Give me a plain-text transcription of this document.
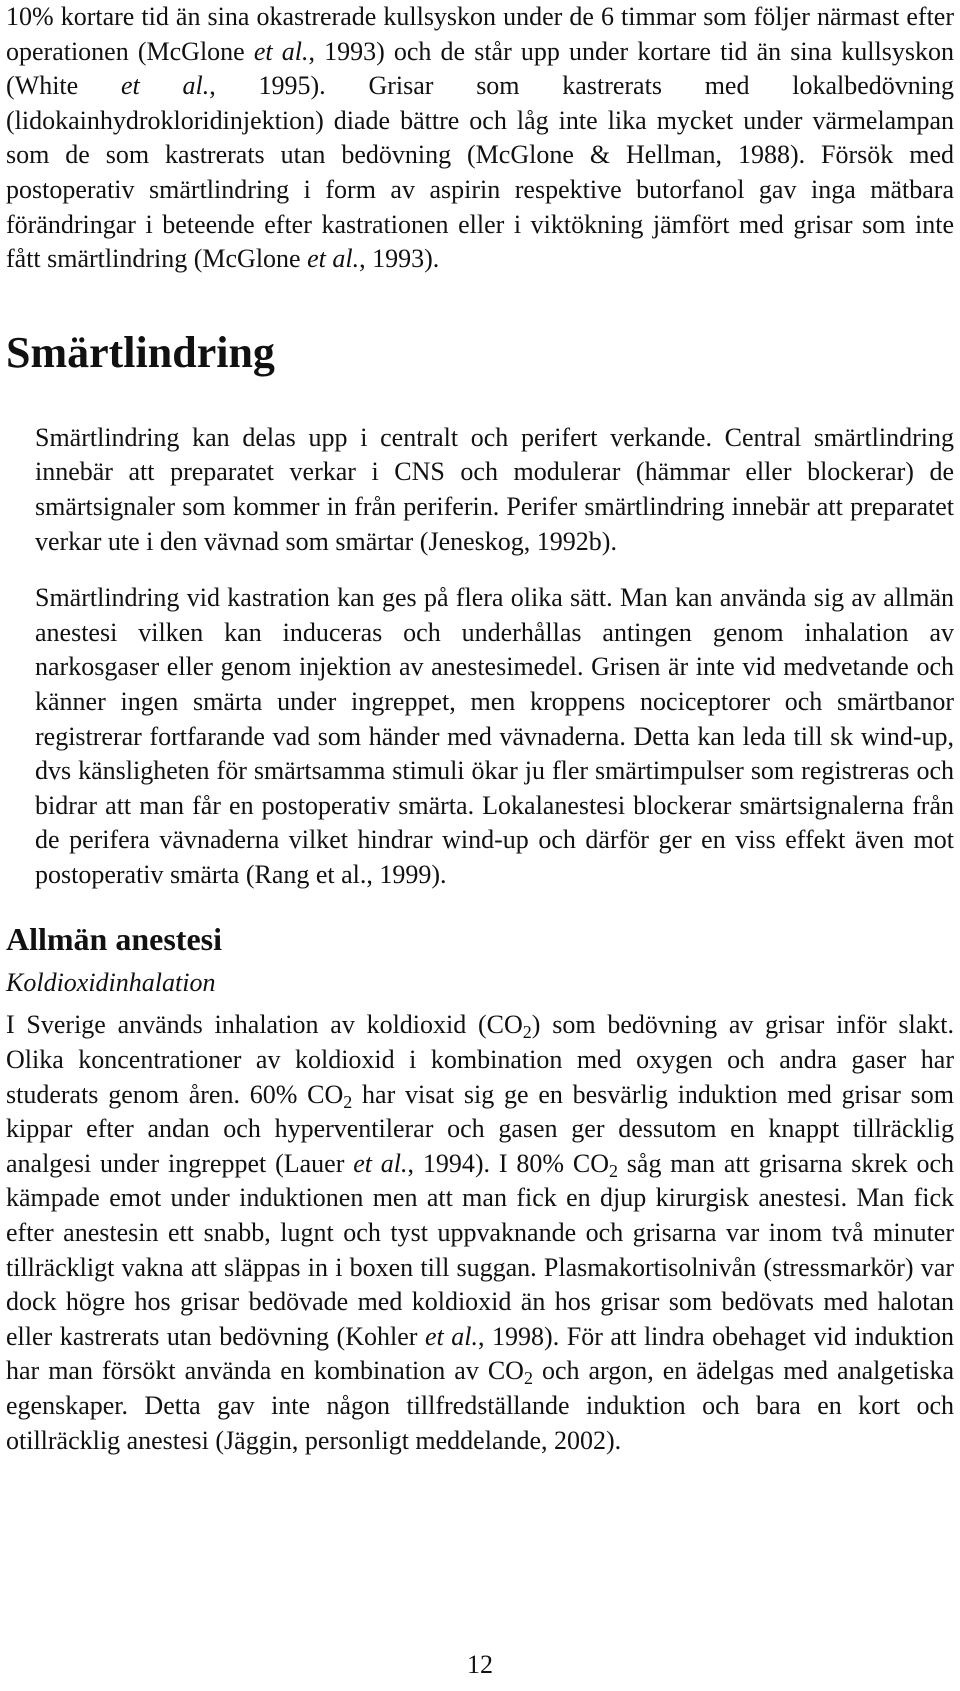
10% kortare tid än sina okastrerade kullsyskon under de 6 timmar som följer närmast efter operationen (McGlone et al., 1993) och de står upp under kortare tid än sina kullsyskon (White et al., 1995). Grisar som kastrerats med lokalbedövning (lidokainhydrokloridinjektion) diade bättre och låg inte lika mycket under värmelampan som de som kastrerats utan bedövning (McGlone & Hellman, 1988). Försök med postoperativ smärtlindring i form av aspirin respektive butorfanol gav inga mätbara förändringar i beteende efter kastrationen eller i viktökning jämfört med grisar som inte fått smärtlindring (McGlone et al., 1993).

Smärtlindring

Smärtlindring kan delas upp i centralt och perifert verkande. Central smärtlindring innebär att preparatet verkar i CNS och modulerar (hämmar eller blockerar) de smärtsignaler som kommer in från periferin. Perifer smärtlindring innebär att preparatet verkar ute i den vävnad som smärtar (Jeneskog, 1992b).

Smärtlindring vid kastration kan ges på flera olika sätt. Man kan använda sig av allmän anestesi vilken kan induceras och underhållas antingen genom inhalation av narkosgaser eller genom injektion av anestesimedel. Grisen är inte vid medvetande och känner ingen smärta under ingreppet, men kroppens nociceptorer och smärtbanor registrerar fortfarande vad som händer med vävnaderna. Detta kan leda till sk wind-up, dvs känsligheten för smärtsamma stimuli ökar ju fler smärtimpulser som registreras och bidrar att man får en postoperativ smärta. Lokalanestesi blockerar smärtsignalerna från de perifera vävnaderna vilket hindrar wind-up och därför ger en viss effekt även mot postoperativ smärta (Rang et al., 1999).

Allmän anestesi
Koldioxidinhalation

I Sverige används inhalation av koldioxid $(CO_2)$ som bedövning av grisar inför slakt. Olika koncentrationer av koldioxid i kombination med oxygen och andra gaser har studerats genom åren. 60% $CO_2$ har visat sig ge en besvärlig induktion med grisar som kippar efter andan och hyperventilerar och gasen ger dessutom en knappt tillräcklig analgesi under ingreppet (Lauer et al., 1994). I 80% $CO_2$ såg man att grisarna skrek och kämpade emot under induktionen men att man fick en djup kirurgisk anestesi. Man fick efter anestesin ett snabb, lugnt och tyst uppvaknande och grisarna var inom två minuter tillräckligt vakna att släppas in i boxen till suggan. Plasmakortisolnivån (stressmarkör) var dock högre hos grisar bedövade med koldioxid än hos grisar som bedövats med halotan eller kastrerats utan bedövning (Kohler et al., 1998). För att lindra obehaget vid induktion har man försökt använda en kombination av $CO_2$ och argon, en ädelgas med analgetiska egenskaper. Detta gav inte någon tillfredställande induktion och bara en kort och otillräcklig anestesi (Jäggin, personligt meddelande, 2002).

12
